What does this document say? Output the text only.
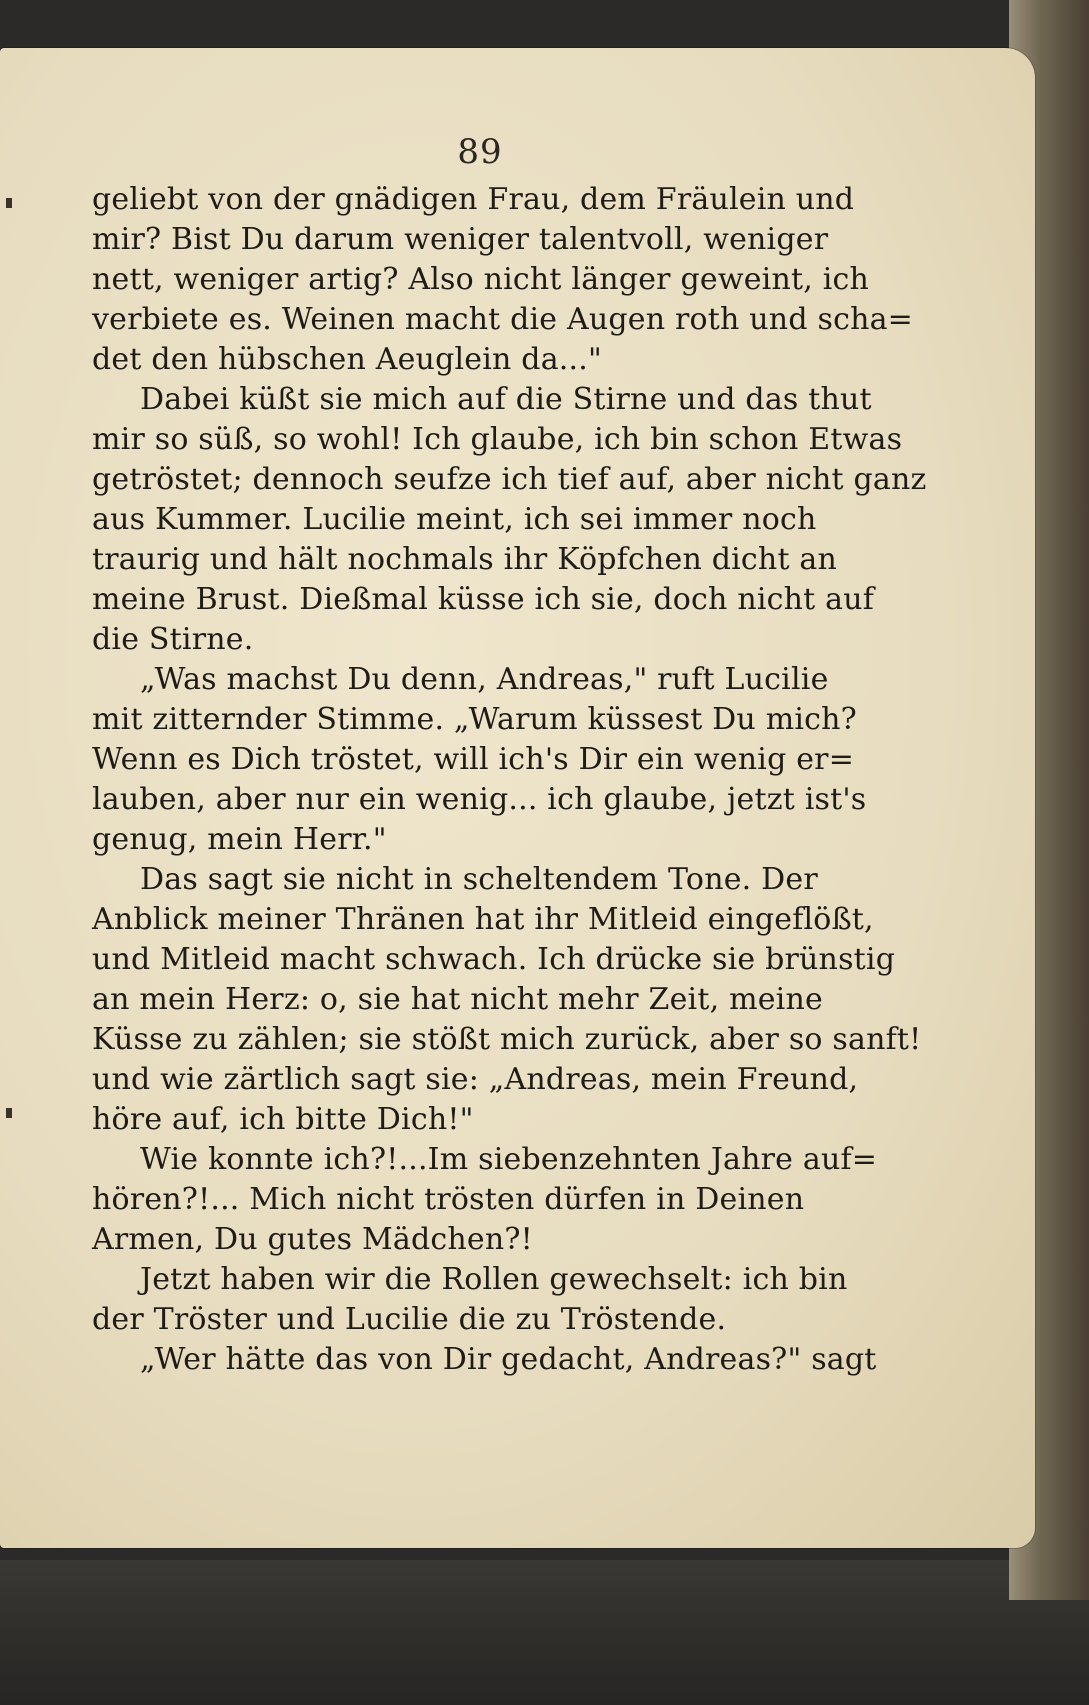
89
geliebt von der gnädigen Frau, dem Fräulein und
mir? Bist Du darum weniger talentvoll, weniger
nett, weniger artig? Also nicht länger geweint, ich
verbiete es. Weinen macht die Augen roth und scha=
det den hübschen Aeuglein da..."
Dabei küßt sie mich auf die Stirne und das thut
mir so süß, so wohl! Ich glaube, ich bin schon Etwas
getröstet; dennoch seufze ich tief auf, aber nicht ganz
aus Kummer. Lucilie meint, ich sei immer noch
traurig und hält nochmals ihr Köpfchen dicht an
meine Brust. Dießmal küsse ich sie, doch nicht auf
die Stirne.
„Was machst Du denn, Andreas," ruft Lucilie
mit zitternder Stimme. „Warum küssest Du mich?
Wenn es Dich tröstet, will ich's Dir ein wenig er=
lauben, aber nur ein wenig... ich glaube, jetzt ist's
genug, mein Herr."
Das sagt sie nicht in scheltendem Tone. Der
Anblick meiner Thränen hat ihr Mitleid eingeflößt,
und Mitleid macht schwach. Ich drücke sie brünstig
an mein Herz: o, sie hat nicht mehr Zeit, meine
Küsse zu zählen; sie stößt mich zurück, aber so sanft!
und wie zärtlich sagt sie: „Andreas, mein Freund,
höre auf, ich bitte Dich!"
Wie konnte ich?!...Im siebenzehnten Jahre auf=
hören?!... Mich nicht trösten dürfen in Deinen
Armen, Du gutes Mädchen?!
Jetzt haben wir die Rollen gewechselt: ich bin
der Tröster und Lucilie die zu Tröstende.
„Wer hätte das von Dir gedacht, Andreas?" sagt
